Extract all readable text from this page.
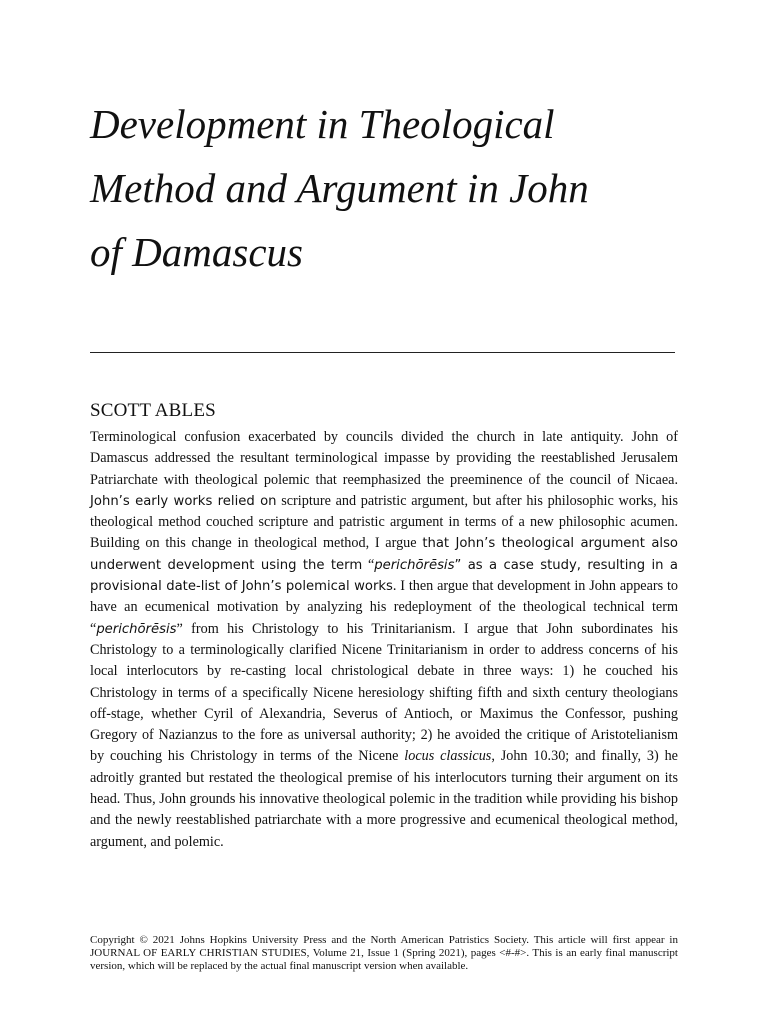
Development in Theological
Method and Argument in John
of Damascus
SCOTT ABLES

Terminological confusion exacerbated by councils divided the church in late antiquity. John of Damascus addressed the resultant terminological impasse by providing the reestablished Jerusalem Patriarchate with theological polemic that reemphasized the preeminence of the council of Nicaea. John’s early works relied on scripture and patristic argument, but after his philosophic works, his theological method couched scripture and patristic argument in terms of a new philosophic acumen. Building on this change in theological method, I argue that John’s theological argument also underwent development using the term “perichōrēsis” as a case study, resulting in a provisional date-list of John’s polemical works. I then argue that development in John appears to have an ecumenical motivation by analyzing his redeployment of the theological technical term “perichōrēsis” from his Christology to his Trinitarianism. I argue that John subordinates his Christology to a terminologically clarified Nicene Trinitarianism in order to address concerns of his local interlocutors by re-casting local christological debate in three ways: 1) he couched his Christology in terms of a specifically Nicene heresiology shifting fifth and sixth century theologians off-stage, whether Cyril of Alexandria, Severus of Antioch, or Maximus the Confessor, pushing Gregory of Nazianzus to the fore as universal authority; 2) he avoided the critique of Aristotelianism by couching his Christology in terms of the Nicene locus classicus, John 10.30; and finally, 3) he adroitly granted but restated the theological premise of his interlocutors turning their argument on its head. Thus, John grounds his innovative theological polemic in the tradition while providing his bishop and the newly reestablished patriarchate with a more progressive and ecumenical theological method, argument, and polemic.

Copyright © 2021 Johns Hopkins University Press and the North American Patristics Society. This article will first appear in JOURNAL OF EARLY CHRISTIAN STUDIES, Volume 21, Issue 1 (Spring 2021), pages <#-#>. This is an early final manuscript version, which will be replaced by the actual final manuscript version when available.
